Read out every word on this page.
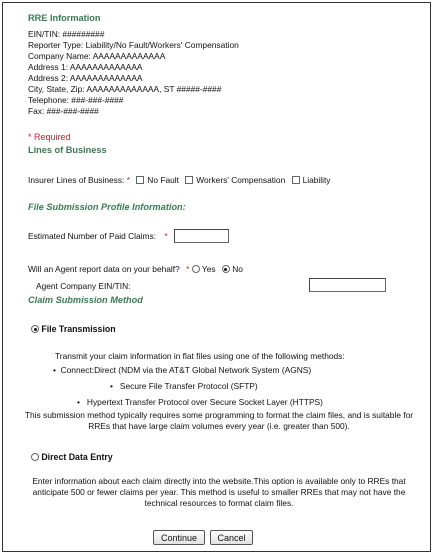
RRE Information
EIN/TIN: #########
Reporter Type: Liability/No Fault/Workers' Compensation
Company Name: AAAAAAAAAAAAA
Address 1: AAAAAAAAAAAAA
Address 2: AAAAAAAAAAAAA
City, State, Zip: AAAAAAAAAAAAA, ST #####-####
Telephone: ###-###-####
Fax: ###-###-####
* Required
Lines of Business
Insurer Lines of Business: * No Fault Workers' Compensation Liability
File Submission Profile Information:
Estimated Number of Paid Claims: *
Will an Agent report data on your behalf? * Yes No
Agent Company EIN/TIN:
Claim Submission Method
File Transmission
Transmit your claim information in flat files using one of the following methods:
• Connect:Direct (NDM via the AT&T Global Network System (AGNS)
• Secure File Transfer Protocol (SFTP)
• Hypertext Transfer Protocol over Secure Socket Layer (HTTPS)
This submission method typically requires some programming to format the claim files, and is suitable for RREs that have large claim volumes every year (i.e. greater than 500).
Direct Data Entry
Enter information about each claim directly into the website.This option is available only to RREs that anticipate 500 or fewer claims per year. This method is useful to smaller RREs that may not have the technical resources to format claim files.
Continue	Cancel
